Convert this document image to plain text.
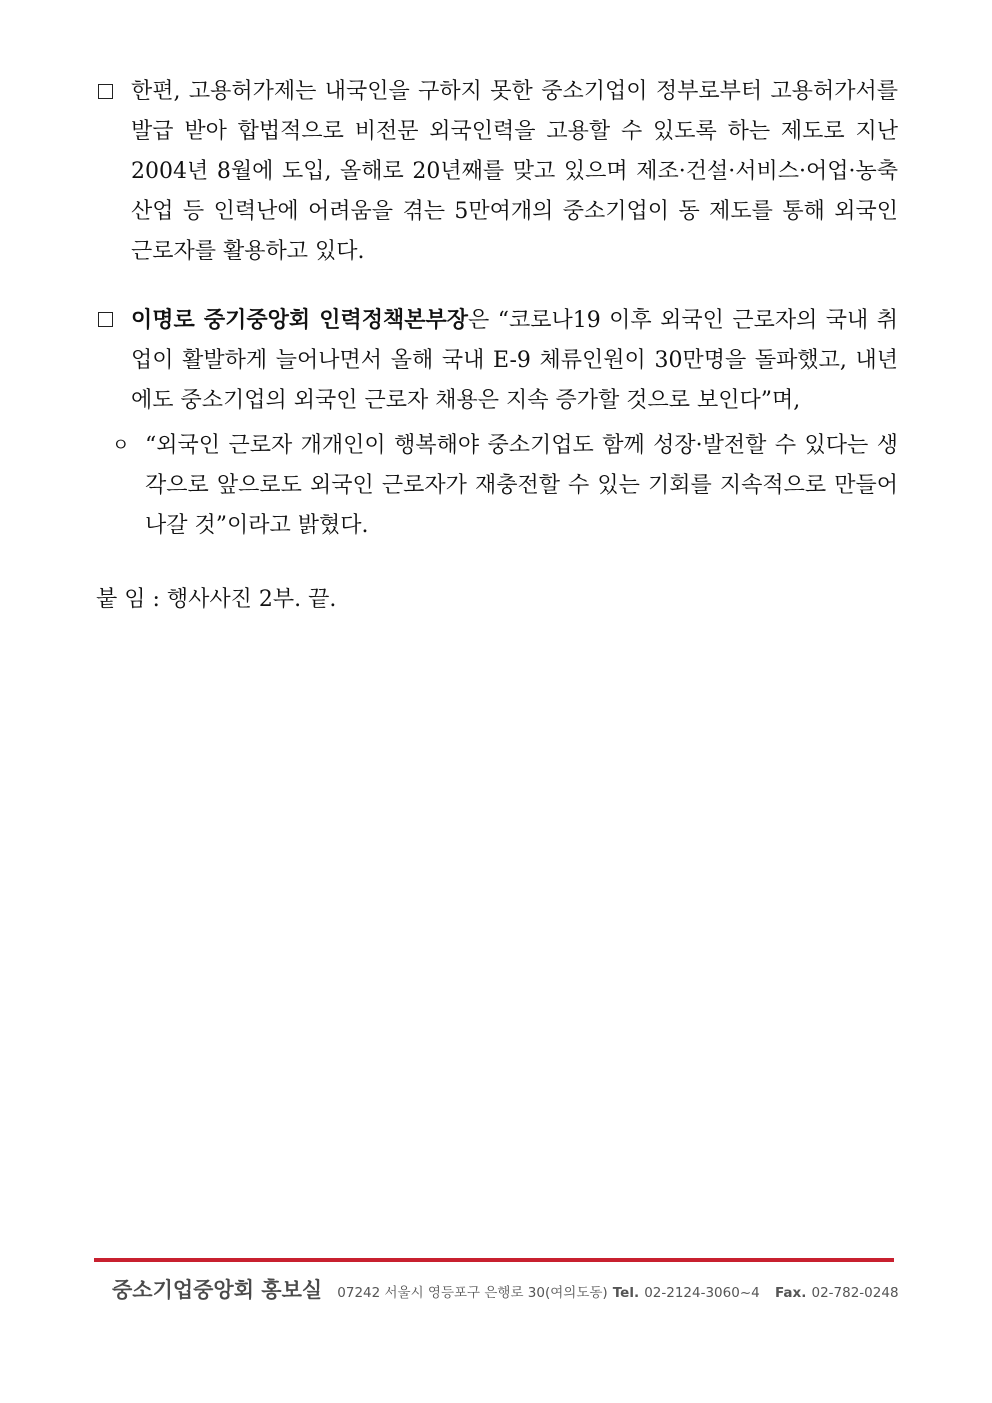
한편, 고용허가제는 내국인을 구하지 못한 중소기업이 정부로부터 고용허가서를 발급 받아 합법적으로 비전문 외국인력을 고용할 수 있도록 하는 제도로 지난 2004년 8월에 도입, 올해로 20년째를 맞고 있으며 제조·건설·서비스·어업·농축산업 등 인력난에 어려움을 겪는 5만여개의 중소기업이 동 제도를 통해 외국인 근로자를 활용하고 있다.
이명로 중기중앙회 인력정책본부장은 “코로나19 이후 외국인 근로자의 국내 취업이 활발하게 늘어나면서 올해 국내 E-9 체류인원이 30만명을 돌파했고, 내년에도 중소기업의 외국인 근로자 채용은 지속 증가할 것으로 보인다”며,
ㅇ “외국인 근로자 개개인이 행복해야 중소기업도 함께 성장·발전할 수 있다는 생각으로 앞으로도 외국인 근로자가 재충전할 수 있는 기회를 지속적으로 만들어 나갈 것”이라고 밝혔다.
붙 임 : 행사사진 2부. 끝.
중소기업중앙회 홍보실 07242 서울시 영등포구 은행로 30(여의도동) Tel. 02-2124-3060~4 Fax. 02-782-0248
